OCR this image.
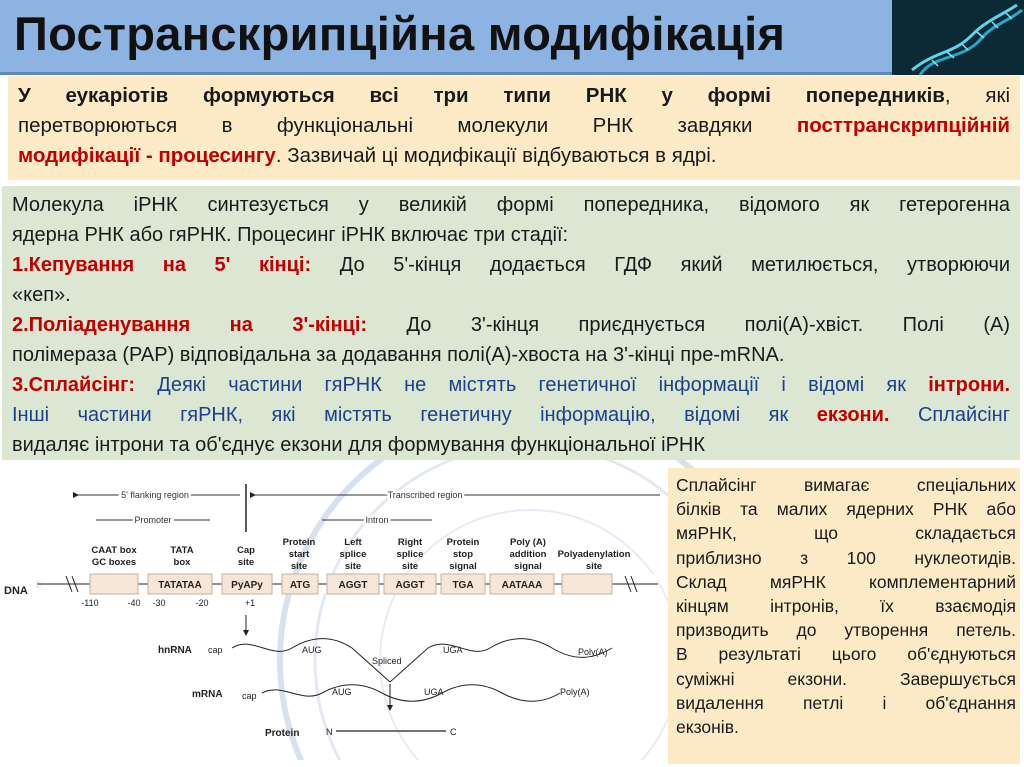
Пострaнскрипційна модифікація
У еукаріотів формуються всі три типи РНК у формі попередників, які
перетворюються в функціональні молекули РНК завдяки посттранскрипційній
модифікації - процесингу. Зазвичай ці модифікації відбуваються в ядрі.
Молекула іРНК синтезується у великій формі попередника, відомого як гетерогенна
ядерна РНК або гяРНК. Процесинг іРНК включає три стадії:
1.Кепування на 5' кінці: До 5'-кінця додається ГДФ який метилюється, утворюючи
«кеп».
2.Поліаденування на 3'-кінці: До 3'-кінця приєднується полі(А)-хвіст. Полі (А)
полімераза (PAP) відповідальна за додавання полі(А)-хвоста на 3'-кінці пре-mRNA.
3.Сплайсінг: Деякі частини гяРНК не містять генетичної інформації і відомі як інтрони.
Інші частини гяРНК, які містять генетичну інформацію, відомі як екзони. Сплайсінг
видаляє інтрони та об'єднує екзони для формування функціональної іРНК
5' flanking region	Transcribed region
Promoter	Intron
CAAT box
GC boxes
TATA
box
Cap
site
Protein
start
site
Left
splice
site
Right
splice
site
Protein
stop
signal
Poly (A)
addition
signal
Polyadenylation
site
DNA	TATATAA	PyAPy	ATG	AGGT	AGGT	TGA	AATAAA
-110	-40 -30	-20	+1
hnRNA cap	AUG
Spliced
UGA	Poly(A)
mRNA cap	AUG	UGA	Poly(A)
Protein	N	C
Сплайсінг вимагає спеціальних
білків та малих ядерних РНК або
мяРНК, що складається
приблизно з 100 нуклеотидів.
Склад мяРНК комплементарний
кінцям інтронів, їх взаємодія
призводить до утворення петель.
В результаті цього об'єднуються
суміжні екзони. Завершується
видалення петлі і об'єднання
екзонів.
